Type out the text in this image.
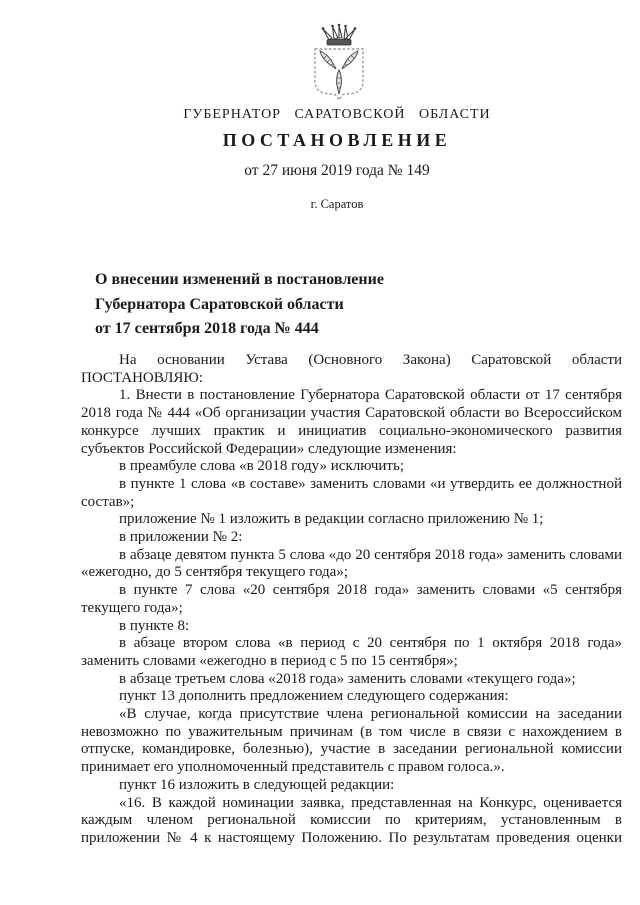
ГУБЕРНАТОР САРАТОВСКОЙ ОБЛАСТИ
ПОСТАНОВЛЕНИЕ
от 27 июня 2019 года № 149
г. Саратов
О внесении изменений в постановление
Губернатора Саратовской области
от 17 сентября 2018 года № 444

На основании Устава (Основного Закона) Саратовской области

ПОСТАНОВЛЯЮ:

1. Внести в постановление Губернатора Саратовской области от 17 сентября 2018 года № 444 «Об организации участия Саратовской области во Всероссийском конкурсе лучших практик и инициатив социально-экономического развития субъектов Российской Федерации» следующие изменения:

в преамбуле слова «в 2018 году» исключить;

в пункте 1 слова «в составе» заменить словами «и утвердить ее должностной состав»;

приложение № 1 изложить в редакции согласно приложению № 1;

в приложении № 2:

в абзаце девятом пункта 5 слова «до 20 сентября 2018 года» заменить словами «ежегодно, до 5 сентября текущего года»;

в пункте 7 слова «20 сентября 2018 года» заменить словами «5 сентября текущего года»;

в пункте 8:

в абзаце втором слова «в период с 20 сентября по 1 октября 2018 года» заменить словами «ежегодно в период с 5 по 15 сентября»;

в абзаце третьем слова «2018 года» заменить словами «текущего года»;

пункт 13 дополнить предложением следующего содержания:

«В случае, когда присутствие члена региональной комиссии на заседании невозможно по уважительным причинам (в том числе в связи с нахождением в отпуске, командировке, болезнью), участие в заседании региональной комиссии принимает его уполномоченный представитель с правом голоса.».

пункт 16 изложить в следующей редакции:

«16. В каждой номинации заявка, представленная на Конкурс, оценивается каждым членом региональной комиссии по критериям, установленным в приложении № 4 к настоящему Положению. По результатам проведения оценки
